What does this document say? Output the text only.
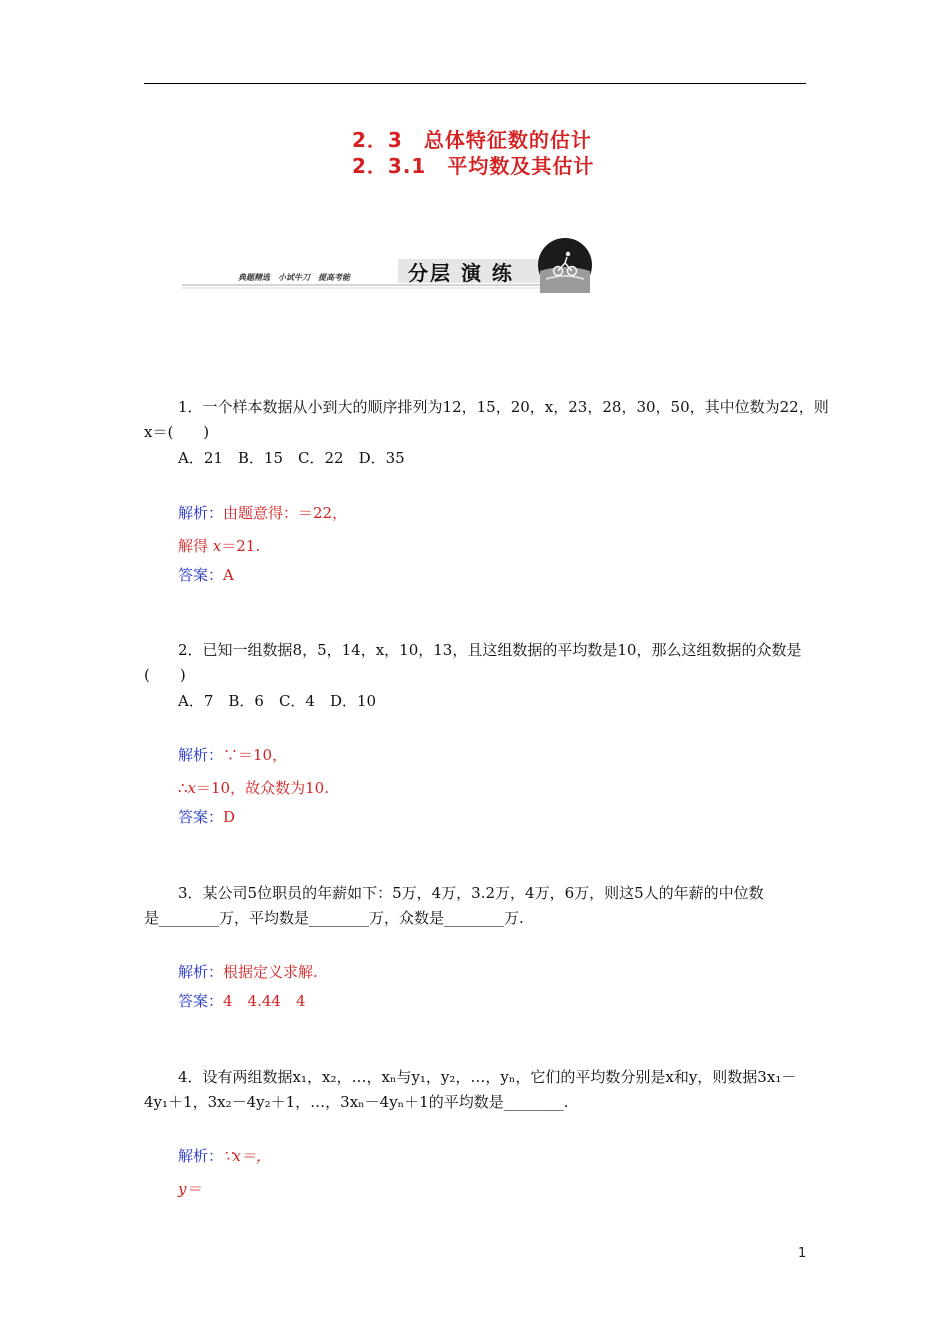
2．3　总体特征数的估计
2．3.1　平均数及其估计
典题精选　小试牛刀　提高考能	分层 演 练
1．一个样本数据从小到大的顺序排列为12，15，20，x，23，28，30，50，其中位数为22，则
x＝(　　)
A．21　B．15　C．22　D．35
解析：由题意得：＝22，
解得 x＝21.
答案：A
2．已知一组数据8，5，14，x，10，13，且这组数据的平均数是10，那么这组数据的众数是
(　　)
A．7　B．6　C．4　D．10
解析：∵＝10，
∴x＝10，故众数为10.
答案：D
3．某公司5位职员的年薪如下：5万，4万，3.2万，4万，6万，则这5人的年薪的中位数
是________万，平均数是________万，众数是________万.
解析：根据定义求解.
答案：4　4.44　4
4．设有两组数据x₁，x₂，…，xₙ与y₁，y₂，…，yₙ，它们的平均数分别是x和y，则数据3x₁－
4y₁＋1，3x₂－4y₂＋1，…，3xₙ－4yₙ＋1的平均数是________.
解析：∵x＝，
y＝
1
